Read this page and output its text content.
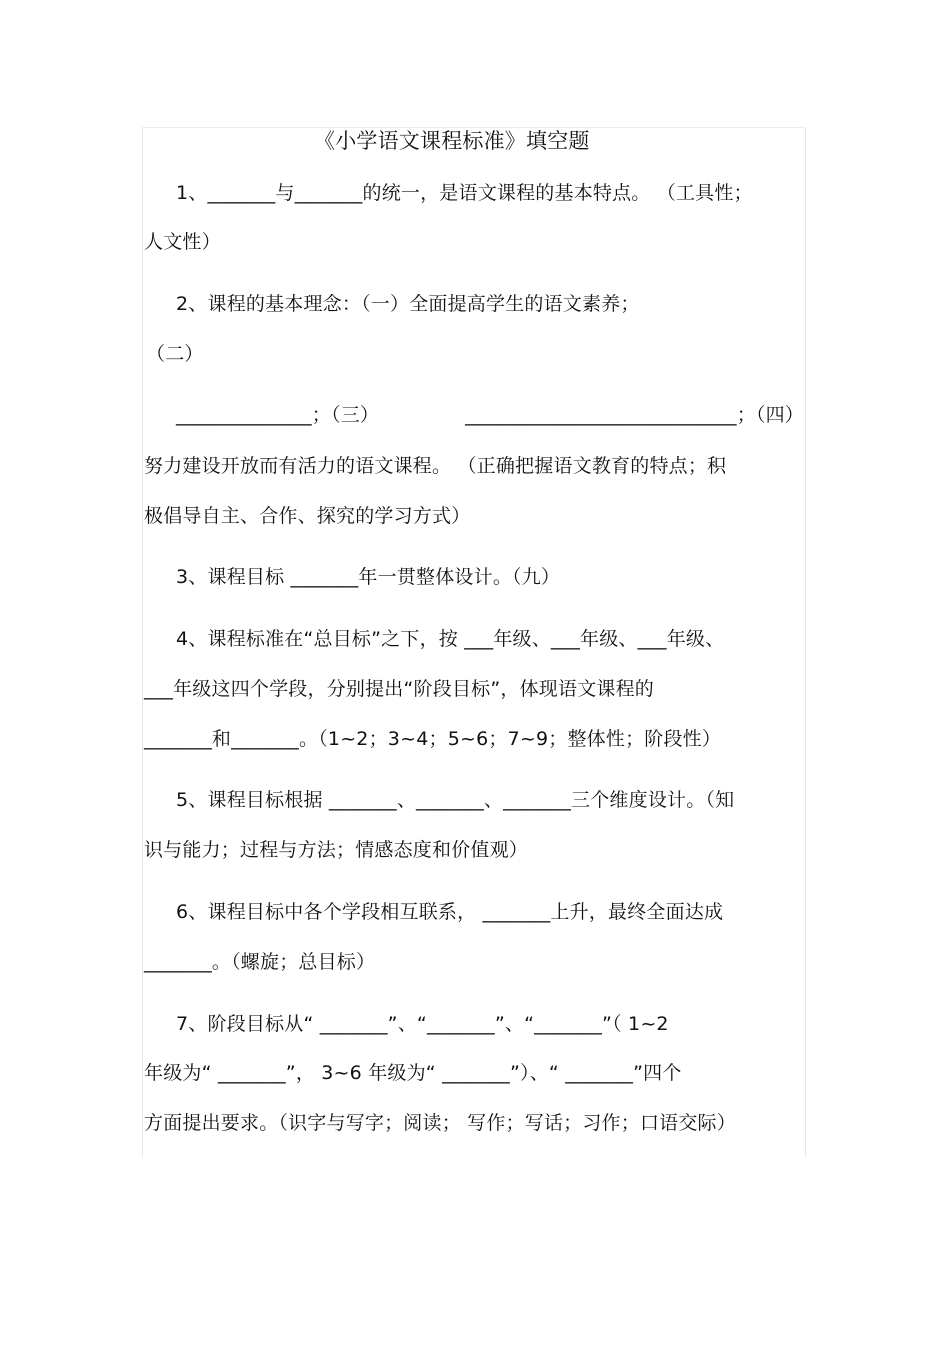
《小学语文课程标准》填空题
1、_______与_______的统一，是语文课程的基本特点。 （工具性；
人文性）
2、课程的基本理念：（一）全面提高学生的语文素养；
（二）
______________；（三）	____________________________；（四）
努力建设开放而有活力的语文课程。 （正确把握语文教育的特点；积
极倡导自主、合作、探究的学习方式）
3、课程目标 _______年一贯整体设计。（九）
4、课程标准在“总目标”之下，按 ___年级、___年级、___年级、
___年级这四个学段，分别提出“阶段目标”，体现语文课程的
_______和_______。（1~2；3~4；5~6；7~9；整体性；阶段性）
5、课程目标根据 _______、_______、_______三个维度设计。（知
识与能力；过程与方法；情感态度和价值观）
6、课程目标中各个学段相互联系， _______上升，最终全面达成
_______。（螺旋；总目标）
7、阶段目标从“ _______”、“_______”、“_______”（ 1~2
年级为“ _______”， 3~6 年级为“ _______”）、“ _______”四个
方面提出要求。（识字与写字；阅读； 写作；写话；习作；口语交际）
